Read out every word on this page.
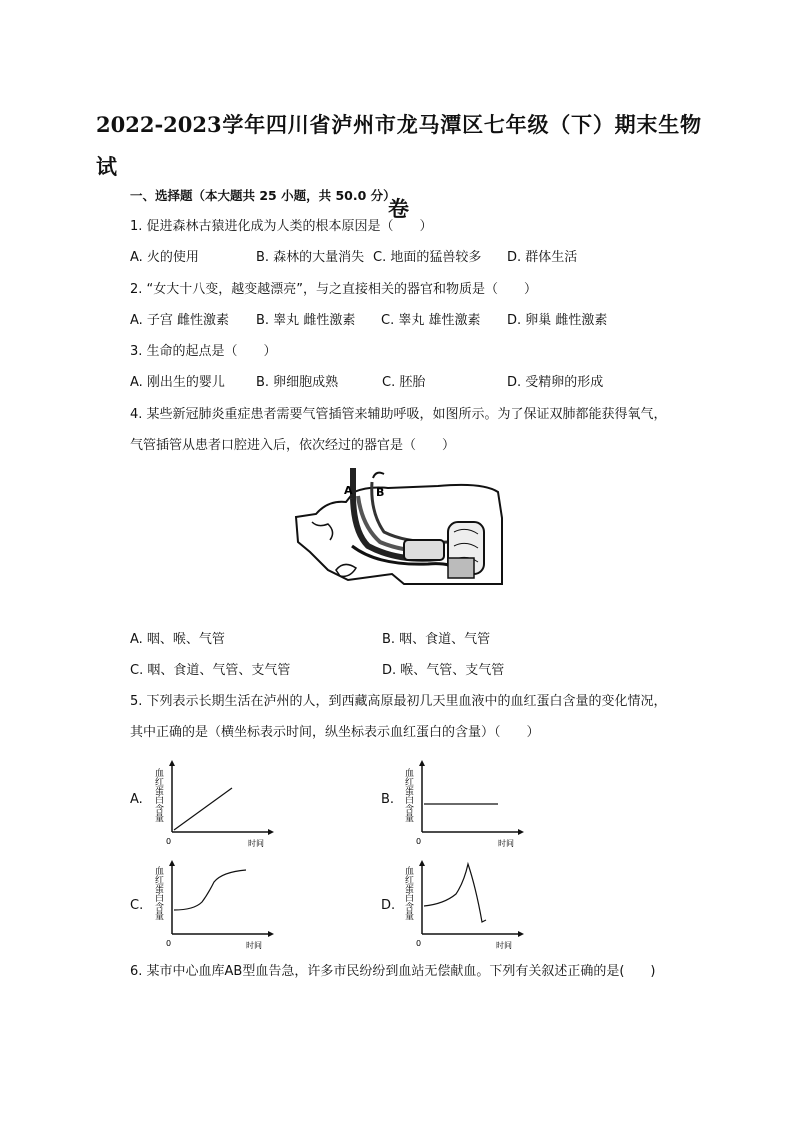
2022-2023学年四川省泸州市龙马潭区七年级（下）期末生物试
卷
一、选择题（本大题共 25 小题，共 50.0 分）
1. 促进森林古猿进化成为人类的根本原因是（　　）
A. 火的使用	B. 森林的大量消失 C. 地面的猛兽较多 D. 群体生活
2. “女大十八变，越变越漂亮”，与之直接相关的器官和物质是（　　）
A. 子宫 雌性激素 B. 睾丸 雌性激素 C. 睾丸 雄性激素 D. 卵巢 雌性激素
3. 生命的起点是（　　）
A. 刚出生的婴儿 B. 卵细胞成熟	C. 胚胎	D. 受精卵的形成
4. 某些新冠肺炎重症患者需要气管插管来辅助呼吸，如图所示。为了保证双肺都能获得氧气，
气管插管从患者口腔进入后，依次经过的器官是（　　）
A B
A. 咽、喉、气管	B. 咽、食道、气管
C. 咽、食道、气管、支气管	D. 喉、气管、支气管
5. 下列表示长期生活在泸州的人，到西藏高原最初几天里血液中的血红蛋白含量的变化情况，
其中正确的是（横坐标表示时间，纵坐标表示血红蛋白的含量）（　　）
A. 血红蛋白含量
0	时间
B. 血红蛋白含量
0	时间
C. 血红蛋白含量
0	时间
D. 血红蛋白含量
0	时间
6. 某市中心血库AB型血告急，许多市民纷纷到血站无偿献血。下列有关叙述正确的是(　　)
